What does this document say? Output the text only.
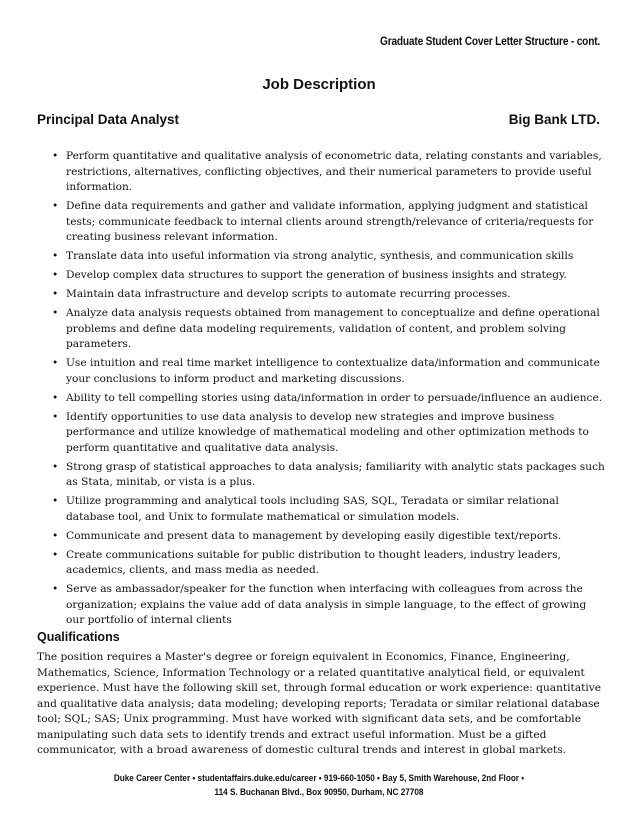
Graduate Student Cover Letter Structure - cont.
Job Description
Principal Data Analyst	Big Bank LTD.
• Perform quantitative and qualitative analysis of econometric data, relating constants and variables, restrictions, alternatives, conflicting objectives, and their numerical parameters to provide useful information.
• Define data requirements and gather and validate information, applying judgment and statistical tests; communicate feedback to internal clients around strength/relevance of criteria/requests for creating business relevant information.
• Translate data into useful information via strong analytic, synthesis, and communication skills
• Develop complex data structures to support the generation of business insights and strategy.
• Maintain data infrastructure and develop scripts to automate recurring processes.
• Analyze data analysis requests obtained from management to conceptualize and define operational problems and define data modeling requirements, validation of content, and problem solving parameters.
• Use intuition and real time market intelligence to contextualize data/information and communicate your conclusions to inform product and marketing discussions.
• Ability to tell compelling stories using data/information in order to persuade/influence an audience.
• Identify opportunities to use data analysis to develop new strategies and improve business performance and utilize knowledge of mathematical modeling and other optimization methods to perform quantitative and qualitative data analysis.
• Strong grasp of statistical approaches to data analysis; familiarity with analytic stats packages such as Stata, minitab, or vista is a plus.
• Utilize programming and analytical tools including SAS, SQL, Teradata or similar relational database tool, and Unix to formulate mathematical or simulation models.
• Communicate and present data to management by developing easily digestible text/reports.
• Create communications suitable for public distribution to thought leaders, industry leaders, academics, clients, and mass media as needed.
• Serve as ambassador/speaker for the function when interfacing with colleagues from across the organization; explains the value add of data analysis in simple language, to the effect of growing our portfolio of internal clients
Qualifications

The position requires a Master's degree or foreign equivalent in Economics, Finance, Engineering, Mathematics, Science, Information Technology or a related quantitative analytical field, or equivalent experience. Must have the following skill set, through formal education or work experience: quantitative and qualitative data analysis; data modeling; developing reports; Teradata or similar relational database tool; SQL; SAS; Unix programming. Must have worked with significant data sets, and be comfortable manipulating such data sets to identify trends and extract useful information. Must be a gifted communicator, with a broad awareness of domestic cultural trends and interest in global markets.

Duke Career Center • studentaffairs.duke.edu/career • 919-660-1050 • Bay 5, Smith Warehouse, 2nd Floor •
114 S. Buchanan Blvd., Box 90950, Durham, NC 27708
